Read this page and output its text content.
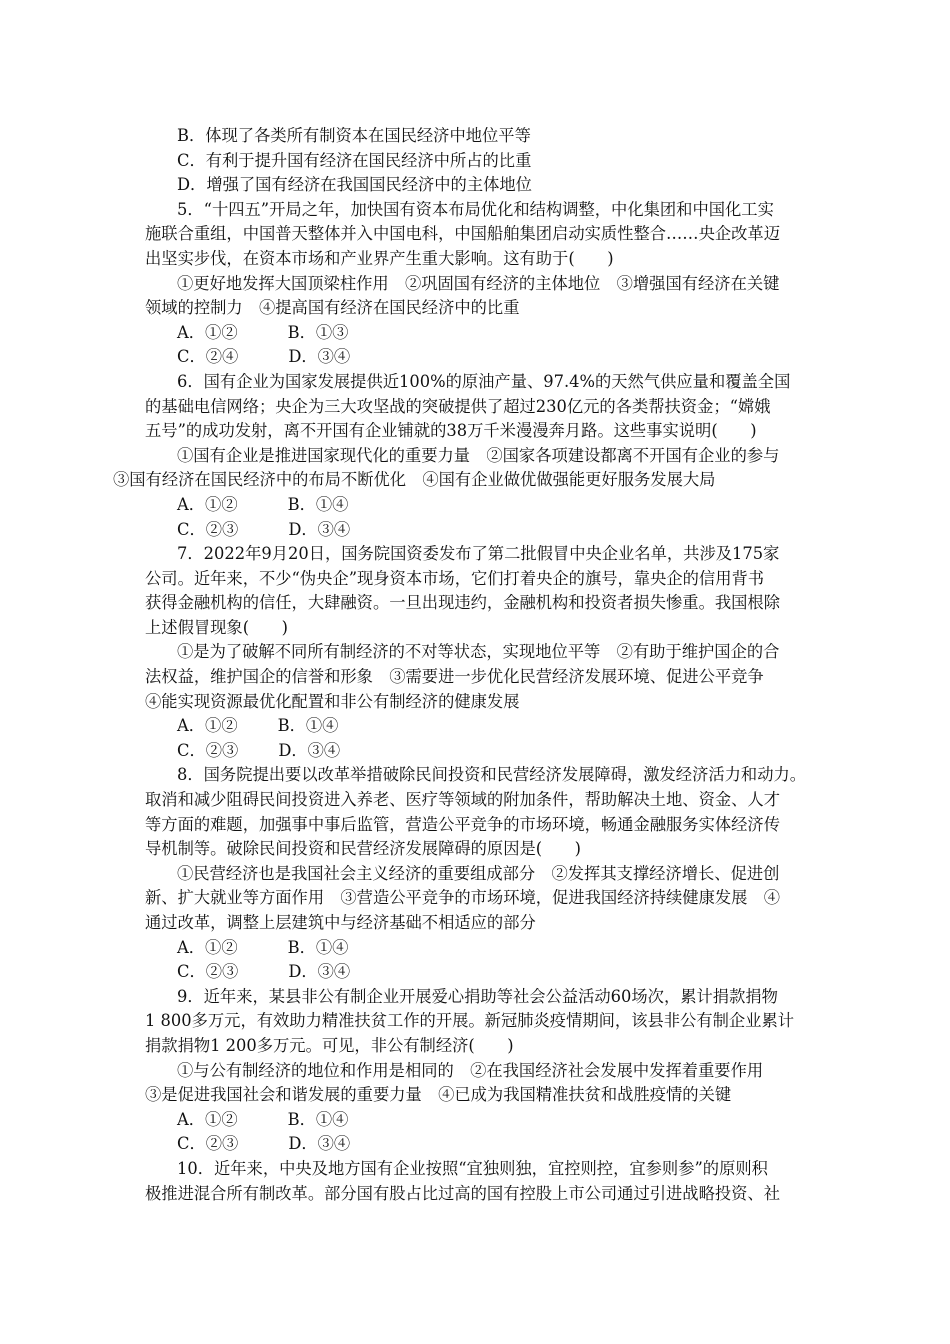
B．体现了各类所有制资本在国民经济中地位平等

C．有利于提升国有经济在国民经济中所占的比重

D．增强了国有经济在我国国民经济中的主体地位

5．“十四五”开局之年，加快国有资本布局优化和结构调整，中化集团和中国化工实
施联合重组，中国普天整体并入中国电科，中国船舶集团启动实质性整合……央企改革迈
出坚实步伐，在资本市场和产业界产生重大影响。这有助于(　　)

①更好地发挥大国顶梁柱作用　②巩固国有经济的主体地位　③增强国有经济在关键
领域的控制力　④提高国有经济在国民经济中的比重

A．①②	B．①③

C．②④	D．③④

6．国有企业为国家发展提供近100%的原油产量、97.4%的天然气供应量和覆盖全国
的基础电信网络；央企为三大攻坚战的突破提供了超过230亿元的各类帮扶资金；“嫦娥
五号”的成功发射，离不开国有企业铺就的38万千米漫漫奔月路。这些事实说明(　　)

①国有企业是推进国家现代化的重要力量　②国家各项建设都离不开国有企业的参与
③国有经济在国民经济中的布局不断优化　④国有企业做优做强能更好服务发展大局

A．①②	B．①④

C．②③	D．③④

7．2022年9月20日，国务院国资委发布了第二批假冒中央企业名单，共涉及175家
公司。近年来，不少“伪央企”现身资本市场，它们打着央企的旗号，靠央企的信用背书
获得金融机构的信任，大肆融资。一旦出现违约，金融机构和投资者损失惨重。我国根除
上述假冒现象(　　)

①是为了破解不同所有制经济的不对等状态，实现地位平等　②有助于维护国企的合
法权益，维护国企的信誉和形象　③需要进一步优化民营经济发展环境、促进公平竞争
④能实现资源最优化配置和非公有制经济的健康发展

A．①② B．①④

C．②③ D．③④

8．国务院提出要以改革举措破除民间投资和民营经济发展障碍，激发经济活力和动力。
取消和减少阻碍民间投资进入养老、医疗等领域的附加条件，帮助解决土地、资金、人才
等方面的难题，加强事中事后监管，营造公平竞争的市场环境，畅通金融服务实体经济传
导机制等。破除民间投资和民营经济发展障碍的原因是(　　)

①民营经济也是我国社会主义经济的重要组成部分　②发挥其支撑经济增长、促进创
新、扩大就业等方面作用　③营造公平竞争的市场环境，促进我国经济持续健康发展　④
通过改革，调整上层建筑中与经济基础不相适应的部分

A．①②	B．①④

C．②③	D．③④

9．近年来，某县非公有制企业开展爱心捐助等社会公益活动60场次，累计捐款捐物
1 800多万元，有效助力精准扶贫工作的开展。新冠肺炎疫情期间，该县非公有制企业累计
捐款捐物1 200多万元。可见，非公有制经济(　　)

①与公有制经济的地位和作用是相同的　②在我国经济社会发展中发挥着重要作用
③是促进我国社会和谐发展的重要力量　④已成为我国精准扶贫和战胜疫情的关键

A．①②	B．①④

C．②③	D．③④

10．近年来，中央及地方国有企业按照“宜独则独，宜控则控，宜参则参”的原则积
极推进混合所有制改革。部分国有股占比过高的国有控股上市公司通过引进战略投资、社
